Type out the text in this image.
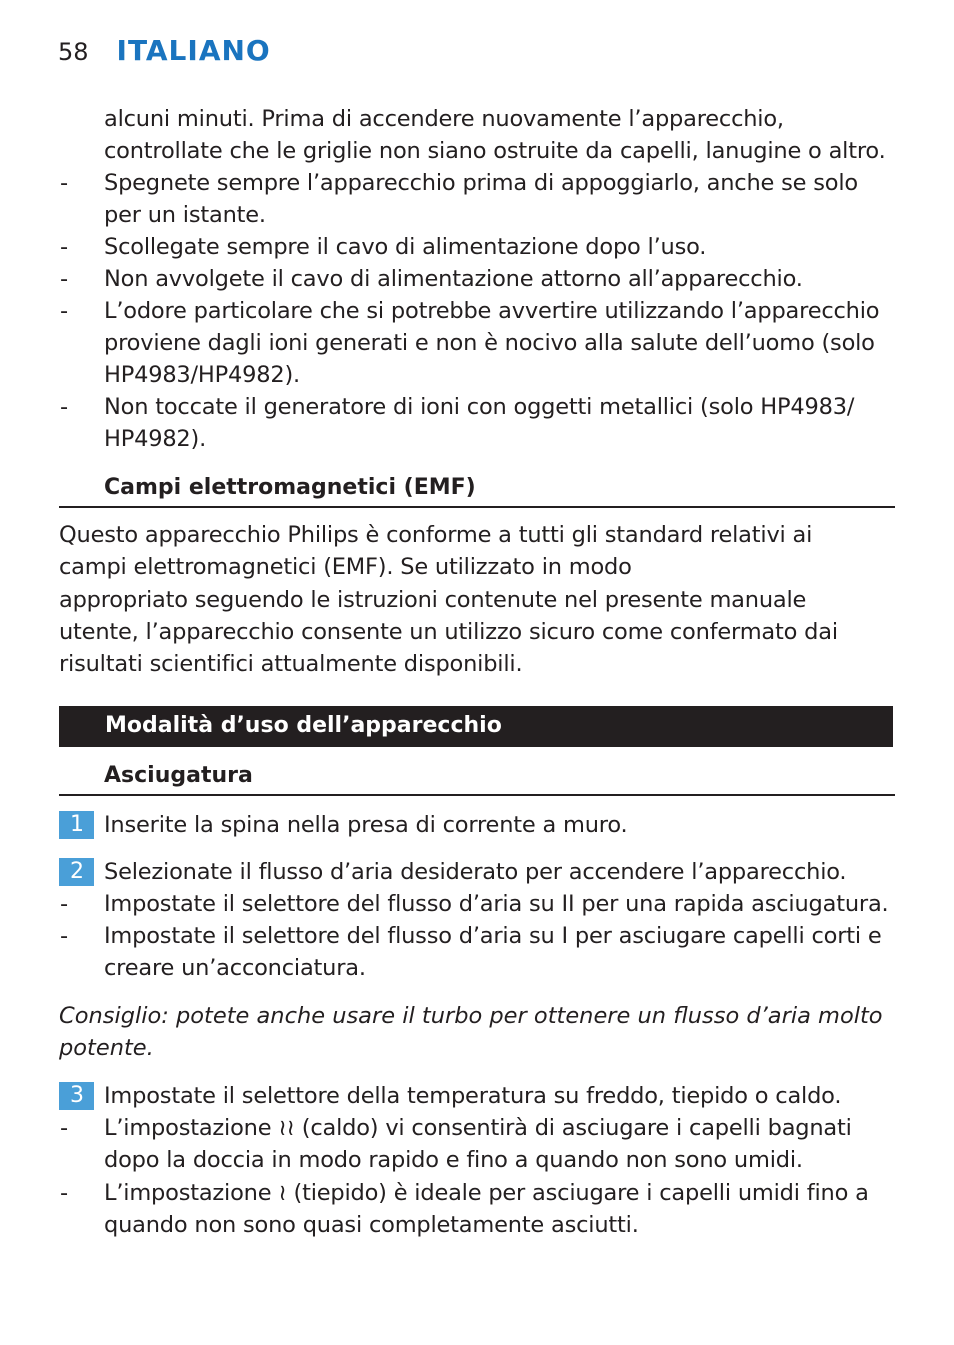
58 ITALIANO
alcuni minuti. Prima di accendere nuovamente l’apparecchio,
controllate che le griglie non siano ostruite da capelli, lanugine o altro.
- Spegnete sempre l’apparecchio prima di appoggiarlo, anche se solo
per un istante.
- Scollegate sempre il cavo di alimentazione dopo l’uso.
- Non avvolgete il cavo di alimentazione attorno all’apparecchio.
- L’odore particolare che si potrebbe avvertire utilizzando l’apparecchio
proviene dagli ioni generati e non è nocivo alla salute dell’uomo (solo
HP4983/HP4982).
- Non toccate il generatore di ioni con oggetti metallici (solo HP4983/
HP4982).
Campi elettromagnetici (EMF)
Questo apparecchio Philips è conforme a tutti gli standard relativi ai
campi elettromagnetici (EMF). Se utilizzato in modo
appropriato seguendo le istruzioni contenute nel presente manuale
utente, l’apparecchio consente un utilizzo sicuro come confermato dai
risultati scientifici attualmente disponibili.
Modalità d’uso dell’apparecchio
Asciugatura
1 Inserite la spina nella presa di corrente a muro.
2 Selezionate il flusso d’aria desiderato per accendere l’apparecchio.
- Impostate il selettore del flusso d’aria su II per una rapida asciugatura.
- Impostate il selettore del flusso d’aria su I per asciugare capelli corti e
creare un’acconciatura.
Consiglio: potete anche usare il turbo per ottenere un flusso d’aria molto
potente.
3 Impostate il selettore della temperatura su freddo, tiepido o caldo.
- L’impostazione ≀≀ (caldo) vi consentirà di asciugare i capelli bagnati
dopo la doccia in modo rapido e fino a quando non sono umidi.
- L’impostazione ≀ (tiepido) è ideale per asciugare i capelli umidi fino a
quando non sono quasi completamente asciutti.
